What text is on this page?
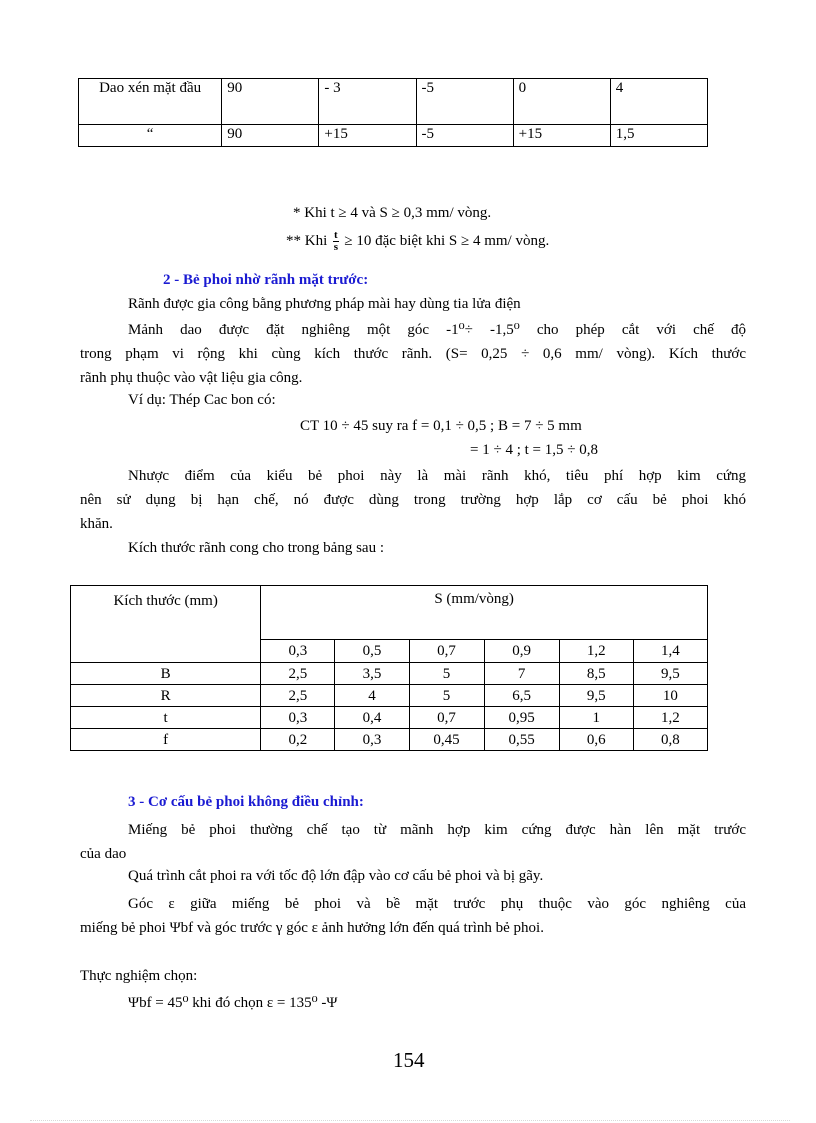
Dao xén mặt đầu	90	- 3	-5	0	4
“	90	+15	-5	+15	1,5
* Khi t ≥ 4 và S ≥ 0,3 mm/ vòng.
** Khi $\frac{t}{s} \ge 10$ đặc biệt khi S ≥ 4 mm/ vòng.
2 - Bẻ phoi nhờ rãnh mặt trước:
Rãnh được gia công bằng phương pháp mài hay dùng tia lửa điện
Mảnh dao được đặt nghiêng một góc -1⁰÷ -1,5⁰ cho phép cắt với chế độ
trong phạm vi rộng khi cùng kích thước rãnh. (S= 0,25 ÷ 0,6 mm/ vòng). Kích thước
rãnh phụ thuộc vào vật liệu gia công.
Ví dụ: Thép Cac bon có:
CT 10 ÷ 45 suy ra f = 0,1 ÷ 0,5 ; B = 7 ÷ 5 mm
= 1 ÷ 4 ; t = 1,5 ÷ 0,8
Nhược điểm của kiểu bẻ phoi này là mài rãnh khó, tiêu phí hợp kim cứng
nên sử dụng bị hạn chế, nó được dùng trong trường hợp lắp cơ cấu bẻ phoi khó
khăn.
Kích thước rãnh cong cho trong bảng sau :
Kích thước (mm)	S (mm/vòng)					
	0,3	0,5	0,7	0,9	1,2	1,4
B	2,5	3,5	5	7	8,5	9,5
R	2,5	4	5	6,5	9,5	10
t	0,3	0,4	0,7	0,95	1	1,2
f	0,2	0,3	0,45	0,55	0,6	0,8
3 - Cơ cấu bẻ phoi không điều chỉnh:
Miếng bẻ phoi thường chế tạo từ mãnh hợp kim cứng được hàn lên mặt trước
của dao
Quá trình cắt phoi ra với tốc độ lớn đập vào cơ cấu bẻ phoi và bị gãy.
Góc ε giữa miếng bẻ phoi và bề mặt trước phụ thuộc vào góc nghiêng của
miếng bẻ phoi Ψbf và góc trước γ góc ε ảnh hưởng lớn đến quá trình bẻ phoi.
Thực nghiệm chọn:
Ψbf = 45⁰ khi đó chọn ε = 135⁰ -Ψ
154
